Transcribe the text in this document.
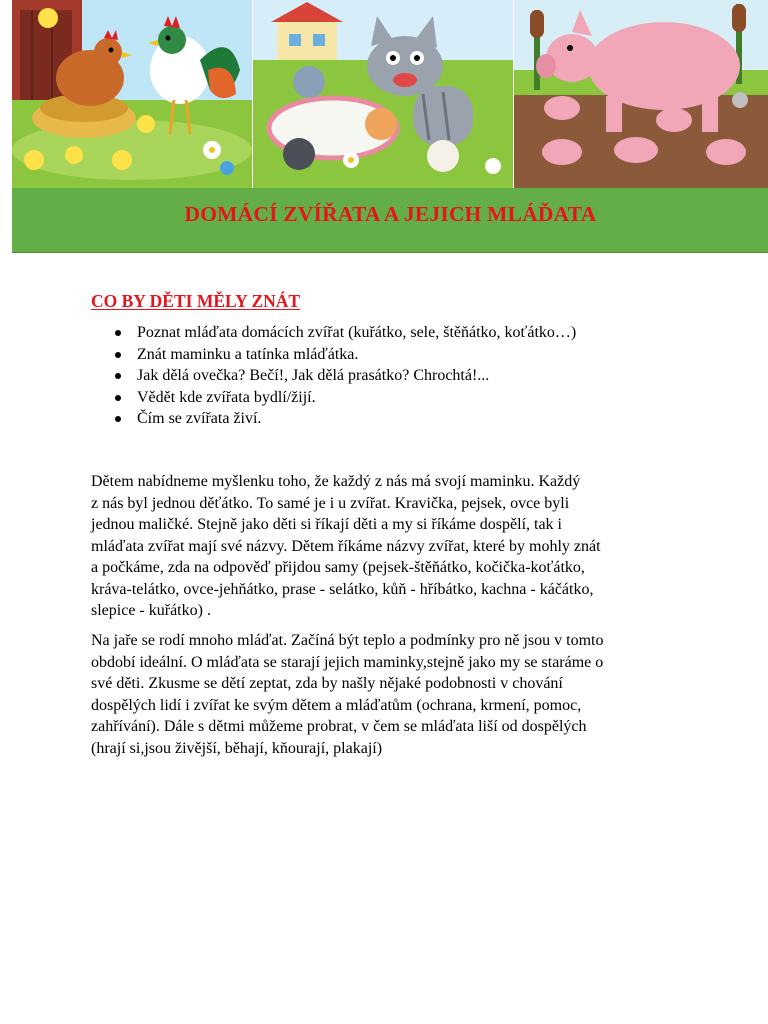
DOMÁCÍ ZVÍŘATA A JEJICH MLÁĎATA
CO BY DĚTI MĚLY ZNÁT
Poznat mláďata domácích zvířat (kuřátko, sele, štěňátko, koťátko…)
Znát maminku a tatínka mláďátka.
Jak dělá ovečka? Bečí!, Jak dělá prasátko? Chrochtá!...
Vědět kde zvířata bydlí/žijí.
Čím se zvířata živí.
Dětem nabídneme myšlenku toho, že každý z nás má svojí maminku. Každý
z nás byl jednou děťátko. To samé je i u zvířat. Kravička, pejsek, ovce byli
jednou maličké. Stejně jako děti si říkají děti a my si říkáme dospělí, tak i
mláďata zvířat mají své názvy. Dětem říkáme názvy zvířat, které by mohly znát
a počkáme, zda na odpověď přijdou samy (pejsek-štěňátko, kočička-koťátko,
kráva-telátko, ovce-jehňátko, prase - selátko, kůň - hříbátko, kachna - káčátko,
slepice - kuřátko) .
Na jaře se rodí mnoho mláďat. Začíná být teplo a podmínky pro ně jsou v tomto
období ideální. O mláďata se starají jejich maminky,stejně jako my se staráme o
své děti. Zkusme se dětí zeptat, zda by našly nějaké podobnosti v chování
dospělých lidí i zvířat ke svým dětem a mláďatům (ochrana, krmení, pomoc,
zahřívání). Dále s dětmi můžeme probrat, v čem se mláďata liší od dospělých
(hrají si,jsou živější, běhají, kňourají, plakají)
